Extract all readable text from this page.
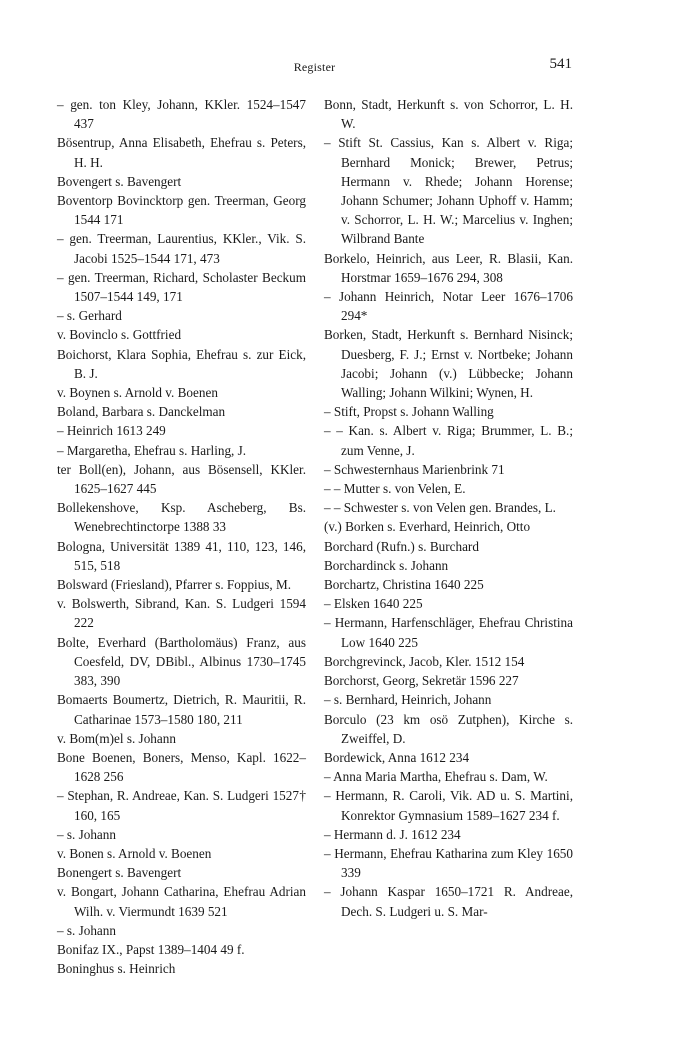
Register	541

– gen. ton Kley, Johann, KKler. 1524–1547 437

Bösentrup, Anna Elisabeth, Ehefrau s. Peters, H. H.

Bovengert s. Bavengert

Boventorp Bovincktorp gen. Treerman, Georg 1544 171

– gen. Treerman, Laurentius, KKler., Vik. S. Jacobi 1525–1544 171, 473

– gen. Treerman, Richard, Scholaster Beckum 1507–1544 149, 171

– s. Gerhard

v. Bovinclo s. Gottfried

Boichorst, Klara Sophia, Ehefrau s. zur Eick, B. J.

v. Boynen s. Arnold v. Boenen

Boland, Barbara s. Danckelman

– Heinrich 1613 249

– Margaretha, Ehefrau s. Harling, J.

ter Boll(en), Johann, aus Bösensell, KKler. 1625–1627 445

Bollekenshove, Ksp. Ascheberg, Bs. Wenebrechtinctorpe 1388 33

Bologna, Universität 1389 41, 110, 123, 146, 515, 518

Bolsward (Friesland), Pfarrer s. Foppius, M.

v. Bolswerth, Sibrand, Kan. S. Ludgeri 1594 222

Bolte, Everhard (Bartholomäus) Franz, aus Coesfeld, DV, DBibl., Albinus 1730–1745 383, 390

Bomaerts Boumertz, Dietrich, R. Mauritii, R. Catharinae 1573–1580 180, 211

v. Bom(m)el s. Johann

Bone Boenen, Boners, Menso, Kapl. 1622–1628 256

– Stephan, R. Andreae, Kan. S. Ludgeri 1527† 160, 165

– s. Johann

v. Bonen s. Arnold v. Boenen

Bonengert s. Bavengert

v. Bongart, Johann Catharina, Ehefrau Adrian Wilh. v. Viermundt 1639 521

– s. Johann

Bonifaz IX., Papst 1389–1404 49 f.

Boninghus s. Heinrich

Bonn, Stadt, Herkunft s. von Schorror, L. H. W.

– Stift St. Cassius, Kan s. Albert v. Riga; Bernhard Monick; Brewer, Petrus; Hermann v. Rhede; Johann Horense; Johann Schumer; Johann Uphoff v. Hamm; v. Schorror, L. H. W.; Marcelius v. Inghen; Wilbrand Bante

Borkelo, Heinrich, aus Leer, R. Blasii, Kan. Horstmar 1659–1676 294, 308

– Johann Heinrich, Notar Leer 1676–1706 294*

Borken, Stadt, Herkunft s. Bernhard Nisinck; Duesberg, F. J.; Ernst v. Nortbeke; Johann Jacobi; Johann (v.) Lübbecke; Johann Walling; Johann Wilkini; Wynen, H.

– Stift, Propst s. Johann Walling

– – Kan. s. Albert v. Riga; Brummer, L. B.; zum Venne, J.

– Schwesternhaus Marienbrink 71

– – Mutter s. von Velen, E.

– – Schwester s. von Velen gen. Brandes, L.

(v.) Borken s. Everhard, Heinrich, Otto

Borchard (Rufn.) s. Burchard

Borchardinck s. Johann

Borchartz, Christina 1640 225

– Elsken 1640 225

– Hermann, Harfenschläger, Ehefrau Christina Low 1640 225

Borchgrevinck, Jacob, Kler. 1512 154

Borchorst, Georg, Sekretär 1596 227

– s. Bernhard, Heinrich, Johann

Borculo (23 km osö Zutphen), Kirche s. Zweiffel, D.

Bordewick, Anna 1612 234

– Anna Maria Martha, Ehefrau s. Dam, W.

– Hermann, R. Caroli, Vik. AD u. S. Martini, Konrektor Gymnasium 1589–1627 234 f.

– Hermann d. J. 1612 234

– Hermann, Ehefrau Katharina zum Kley 1650 339

– Johann Kaspar 1650–1721 R. Andreae, Dech. S. Ludgeri u. S. Mar-
